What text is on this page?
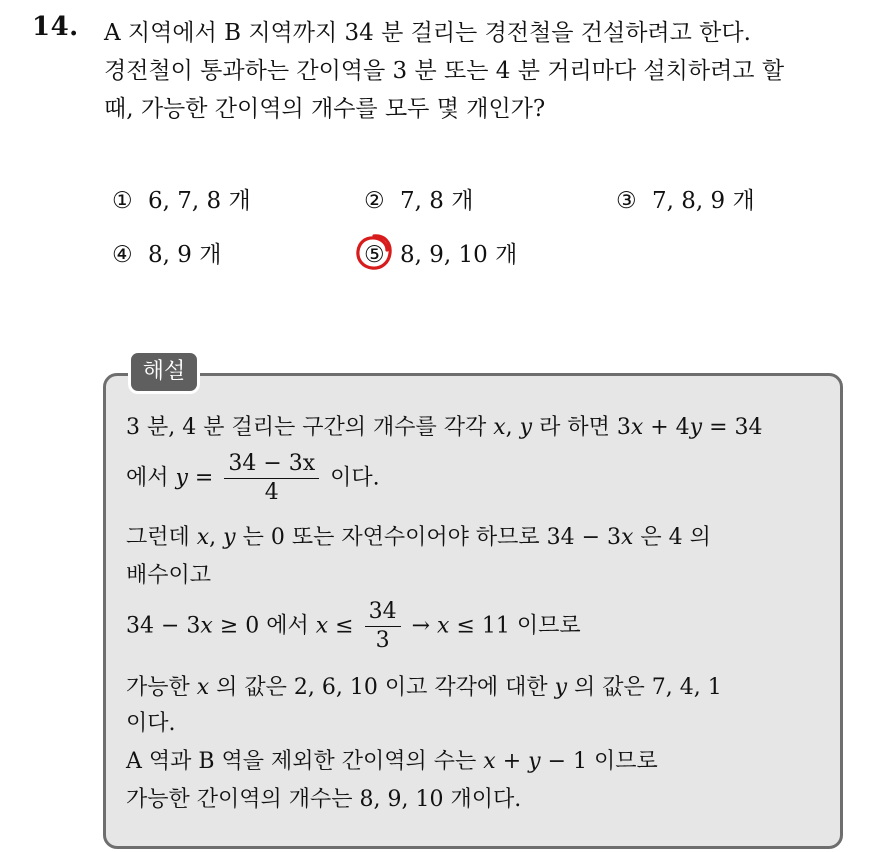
14. A 지역에서 B 지역까지 34 분 걸리는 경전철을 건설하려고 한다.
경전철이 통과하는 간이역을 3 분 또는 4 분 거리마다 설치하려고 할
때, 가능한 간이역의 개수를 모두 몇 개인가?
① 6, 7, 8 개	② 7, 8 개	③ 7, 8, 9 개
④ 8, 9 개	⑤ 8, 9, 10 개
해설
3 분, 4 분 걸리는 구간의 개수를 각각 x, y 라 하면 3x + 4y = 34
에서 $y = \frac{34 - 3x}{4}$ 이다.
그런데 x, y 는 0 또는 자연수이어야 하므로 34 − 3x 은 4 의
배수이고
34 − 3x ≥ 0 에서 $x \le \frac{34}{3} \to x \le 11$ 이므로
가능한 x 의 값은 2, 6, 10 이고 각각에 대한 y 의 값은 7, 4, 1
이다.
A 역과 B 역을 제외한 간이역의 수는 x + y − 1 이므로
가능한 간이역의 개수는 8, 9, 10 개이다.
